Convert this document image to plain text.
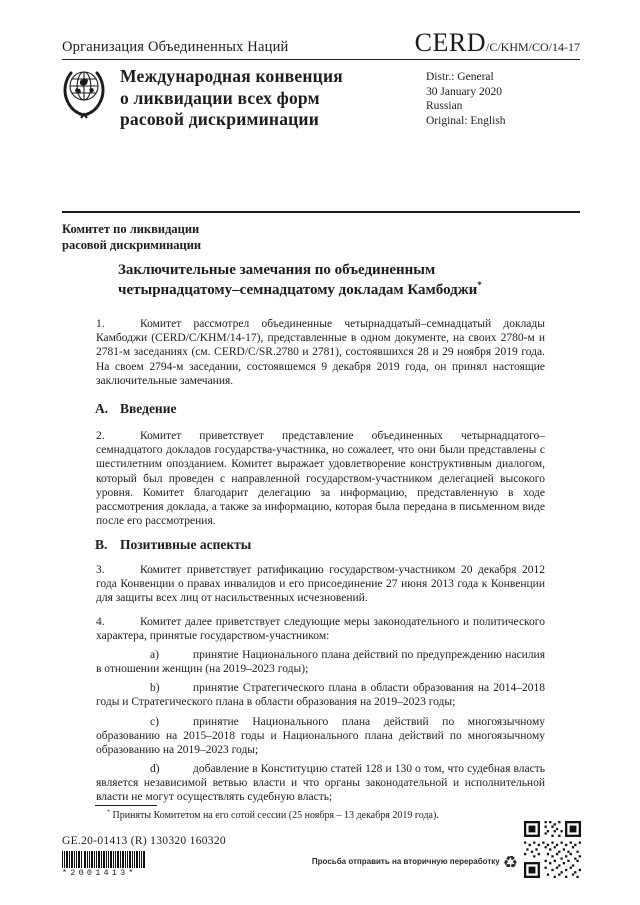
Организация Объединенных Наций	CERD/C/KHM/CO/14-17
Международная конвенция
о ликвидации всех форм
расовой дискриминации
Distr.: General
30 January 2020
Russian
Original: English
Комитет по ликвидации
расовой дискриминации
Заключительные замечания по объединенным
четырнадцатому–семнадцатому докладам Камбоджи*

1.	Комитет рассмотрел объединенные четырнадцатый–семнадцатый доклады Камбоджи (CERD/C/KHM/14-17), представленные в одном документе, на своих 2780-м и 2781-м заседаниях (см. CERD/C/SR.2780 и 2781), состоявшихся 28 и 29 ноября 2019 года. На своем 2794-м заседании, состоявшемся 9 декабря 2019 года, он принял настоящие заключительные замечания.

A. Введение

2.	Комитет приветствует представление объединенных четырнадцатого–семнадцатого докладов государства-участника, но сожалеет, что они были представлены с шестилетним опозданием. Комитет выражает удовлетворение конструктивным диалогом, который был проведен с направленной государством-участником делегацией высокого уровня. Комитет благодарит делегацию за информацию, представленную в ходе рассмотрения доклада, а также за информацию, которая была передана в письменном виде после его рассмотрения.

B. Позитивные аспекты

3.	Комитет приветствует ратификацию государством-участником 20 декабря 2012 года Конвенции о правах инвалидов и его присоединение 27 июня 2013 года к Конвенции для защиты всех лиц от насильственных исчезновений.

4.	Комитет далее приветствует следующие меры законодательного и политического характера, принятые государством-участником:

a)	принятие Национального плана действий по предупреждению насилия в отношении женщин (на 2019–2023 годы);

b)	принятие Стратегического плана в области образования на 2014–2018 годы и Стратегического плана в области образования на 2019–2023 годы;

c)	принятие Национального плана действий по многоязычному образованию на 2015–2018 годы и Национального плана действий по многоязычному образованию на 2019–2023 годы;

d)	добавление в Конституцию статей 128 и 130 о том, что судебная власть является независимой ветвью власти и что органы законодательной и исполнительной власти не могут осуществлять судебную власть;

* Приняты Комитетом на его сотой сессии (25 ноября – 13 декабря 2019 года).

GE.20-01413 (R) 130320 160320
*2001413*
Просьба отправить на вторичную переработку ♻
